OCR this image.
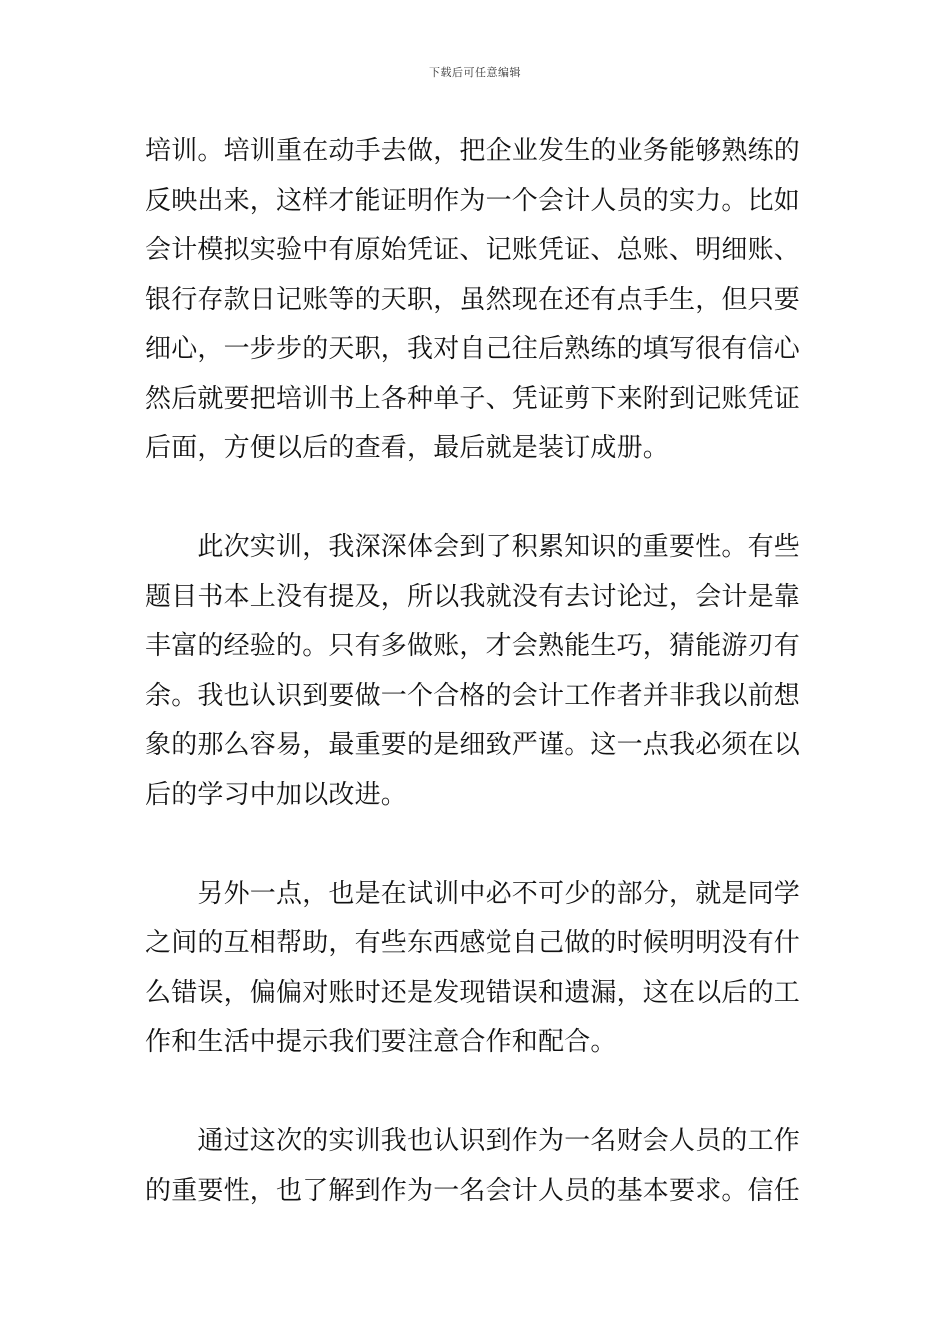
下载后可任意编辑
培训。培训重在动手去做，把企业发生的业务能够熟练的
反映出来，这样才能证明作为一个会计人员的实力。比如
会计模拟实验中有原始凭证、记账凭证、总账、明细账、
银行存款日记账等的天职，虽然现在还有点手生，但只要
细心，一步步的天职，我对自己往后熟练的填写很有信心
然后就要把培训书上各种单子、凭证剪下来附到记账凭证
后面，方便以后的查看，最后就是装订成册。
　　此次实训，我深深体会到了积累知识的重要性。有些
题目书本上没有提及，所以我就没有去讨论过，会计是靠
丰富的经验的。只有多做账，才会熟能生巧，猜能游刃有
余。我也认识到要做一个合格的会计工作者并非我以前想
象的那么容易，最重要的是细致严谨。这一点我必须在以
后的学习中加以改进。
　　另外一点，也是在试训中必不可少的部分，就是同学
之间的互相帮助，有些东西感觉自己做的时候明明没有什
么错误，偏偏对账时还是发现错误和遗漏，这在以后的工
作和生活中提示我们要注意合作和配合。
　　通过这次的实训我也认识到作为一名财会人员的工作
的重要性，也了解到作为一名会计人员的基本要求。信任
